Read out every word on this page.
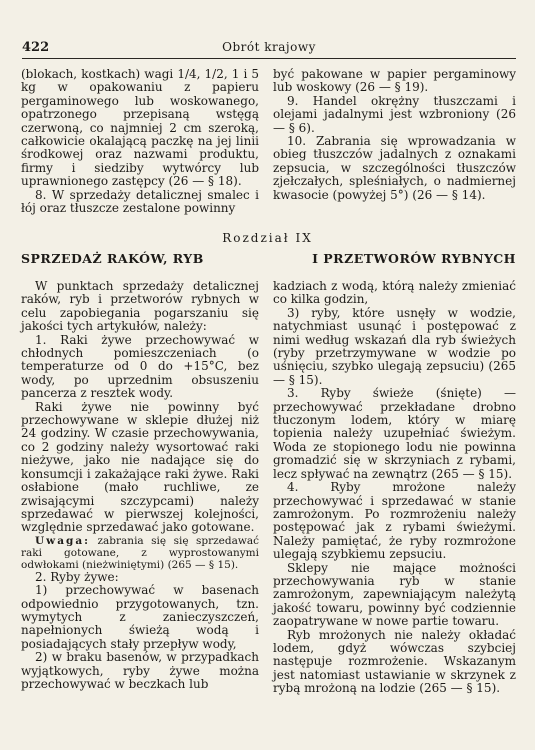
422	Obrót krajowy

(blokach, kostkach) wagi 1/4, 1/2, 1 i 5 kg w opakowaniu z papieru pergaminowego lub woskowanego, opatrzonego przepisaną wstęgą czerwoną, co najmniej 2 cm szeroką, całkowicie okalającą paczkę na jej linii środkowej oraz nazwami produktu, firmy i siedziby wytwórcy lub uprawnionego zastępcy (26 — § 18).

8. W sprzedaży detalicznej smalec i łój oraz tłuszcze zestalone powinny

być pakowane w papier pergaminowy lub woskowy (26 — § 19).

9. Handel okrężny tłuszczami i olejami jadalnymi jest wzbroniony (26 — § 6).

10. Zabrania się wprowadzania w obieg tłuszczów jadalnych z oznakami zepsucia, w szczególności tłuszczów zjełczałych, spleśniałych, o nadmiernej kwasocie (powyżej 5°) (26 — § 14).

Rozdział IX
SPRZEDAŻ RAKÓW, RYB	I PRZETWORÓW RYBNYCH

W punktach sprzedaży detalicznej raków, ryb i przetworów rybnych w celu zapobiegania pogarszaniu się jakości tych artykułów, należy:

1. Raki żywe przechowywać w chłodnych pomieszczeniach (o temperaturze od 0 do +15°C, bez wody, po uprzednim obsuszeniu pancerza z resztek wody.

Raki żywe nie powinny być przechowywane w sklepie dłużej niż 24 godziny. W czasie przechowywania, co 2 godziny należy wysortować raki nieżywe, jako nie nadające się do konsumcji i zakażające raki żywe. Raki osłabione (mało ruchliwe, ze zwisającymi szczypcami) należy sprzedawać w pierwszej kolejności, względnie sprzedawać jako gotowane.

Uwaga: zabrania się się sprzedawać raki gotowane, z wyprostowanymi odwłokami (nieżwiniętymi) (265 — § 15).

2. Ryby żywe:

1) przechowywać w basenach odpowiednio przygotowanych, tzn. wymytych z zanieczyszczeń, napełnionych świeżą wodą i posiadających stały przepływ wody,

2) w braku basenów, w przypadkach wyjątkowych, ryby żywe można przechowywać w beczkach lub

kadziach z wodą, którą należy zmieniać co kilka godzin,

3) ryby, które usnęły w wodzie, natychmiast usunąć i postępować z nimi według wskazań dla ryb świeżych (ryby przetrzymywane w wodzie po uśnięciu, szybko ulegają zepsuciu) (265 — § 15).

3. Ryby świeże (śnięte) — przechowywać przekładane drobno tłuczonym lodem, który w miarę topienia należy uzupełniać świeżym. Woda ze stopionego lodu nie powinna gromadzić się w skrzyniach z rybami, lecz spływać na zewnątrz (265 — § 15).

4. Ryby mrożone należy przechowywać i sprzedawać w stanie zamrożonym. Po rozmrożeniu należy postępować jak z rybami świeżymi. Należy pamiętać, że ryby rozmrożone ulegają szybkiemu zepsuciu.

Sklepy nie mające możności przechowywania ryb w stanie zamrożonym, zapewniającym należytą jakość towaru, powinny być codziennie zaopatrywane w nowe partie towaru.

Ryb mrożonych nie należy okładać lodem, gdyż wówczas szybciej następuje rozmrożenie. Wskazanym jest natomiast ustawianie w skrzynek z rybą mrożoną na lodzie (265 — § 15).
